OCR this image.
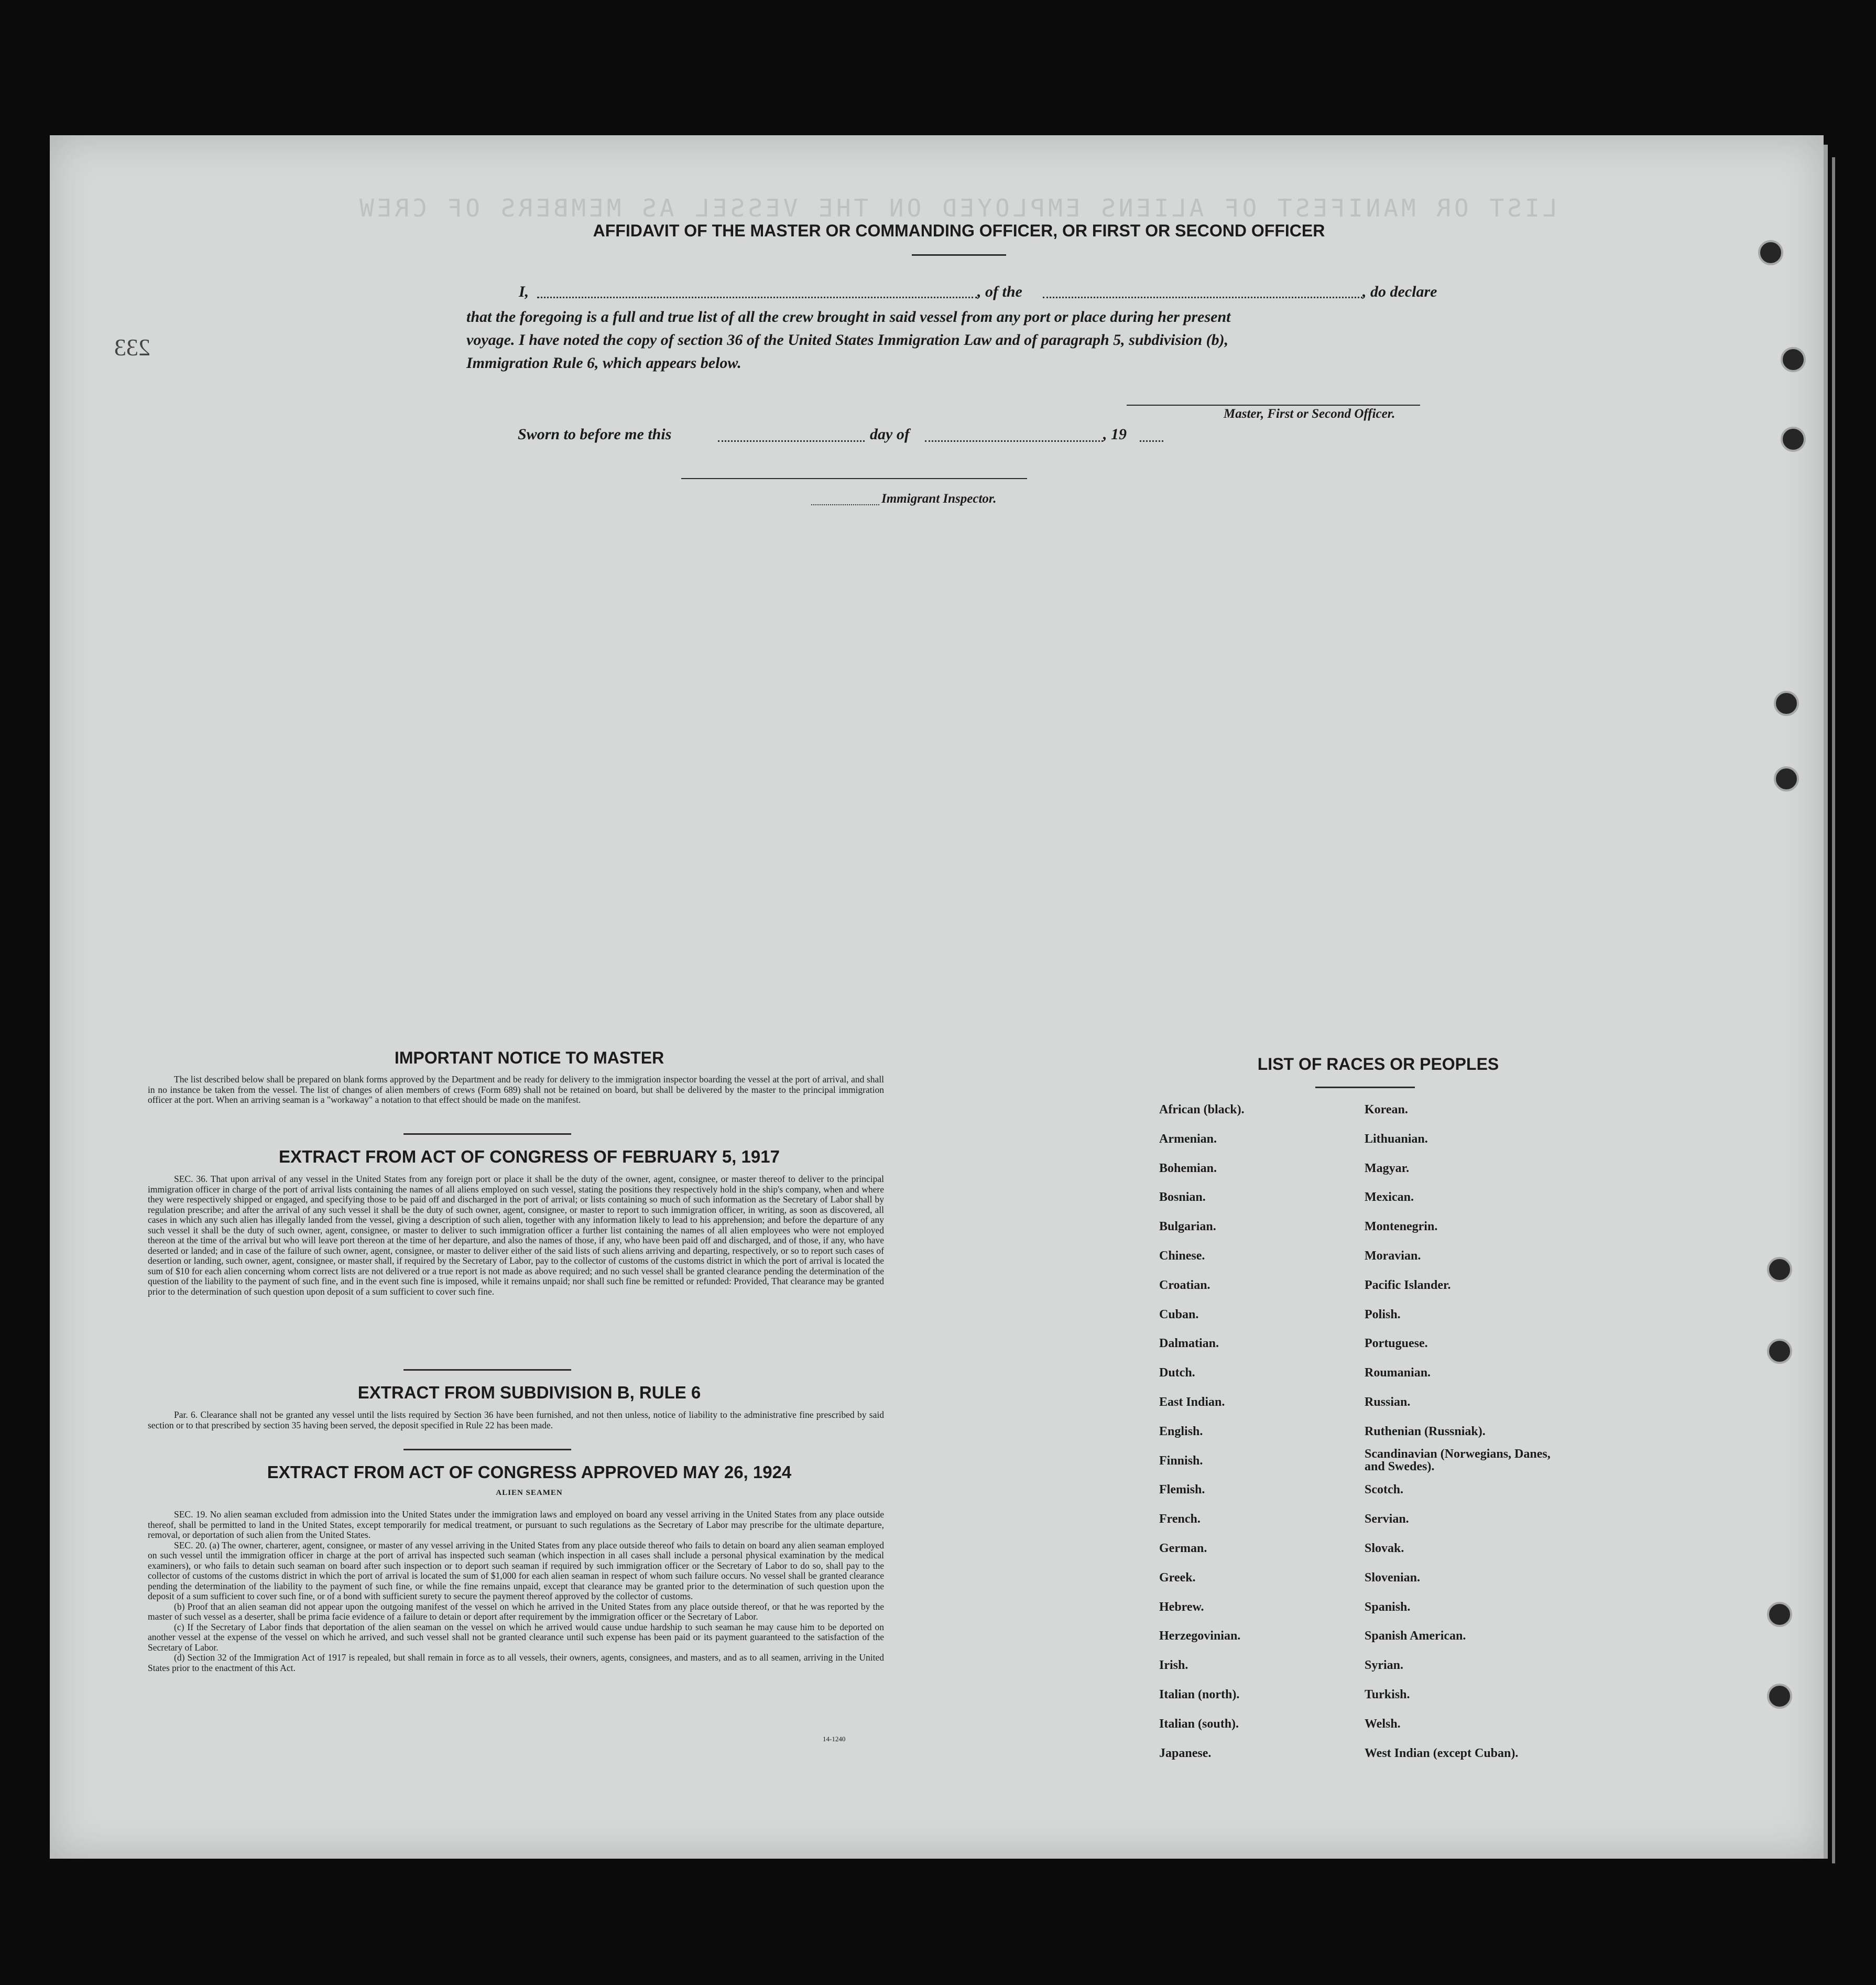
LIST OR MANIFEST OF ALIENS EMPLOYED ON THE VESSEL AS MEMBERS OF CREW
233
AFFIDAVIT OF THE MASTER OR COMMANDING OFFICER, OR FIRST OR SECOND OFFICER
I,	, of the	, do declare
that the foregoing is a full and true list of all the crew brought in said vessel from any port or place during her present
voyage. I have noted the copy of section 36 of the United States Immigration Law and of paragraph 5, subdivision (b),
Immigration Rule 6, which appears below.
Master, First or Second Officer.
Sworn to before me this	day of	, 19
Immigrant Inspector.
IMPORTANT NOTICE TO MASTER

The list described below shall be prepared on blank forms approved by the Department and be ready for delivery to the immigration inspector boarding the vessel at the port of arrival, and shall in no instance be taken from the vessel. The list of changes of alien members of crews (Form 689) shall not be retained on board, but shall be delivered by the master to the principal immigration officer at the port. When an arriving seaman is a "workaway" a notation to that effect should be made on the manifest.

EXTRACT FROM ACT OF CONGRESS OF FEBRUARY 5, 1917

SEC. 36. That upon arrival of any vessel in the United States from any foreign port or place it shall be the duty of the owner, agent, consignee, or master thereof to deliver to the principal immigration officer in charge of the port of arrival lists containing the names of all aliens employed on such vessel, stating the positions they respectively hold in the ship's company, when and where they were respectively shipped or engaged, and specifying those to be paid off and discharged in the port of arrival; or lists containing so much of such information as the Secretary of Labor shall by regulation prescribe; and after the arrival of any such vessel it shall be the duty of such owner, agent, consignee, or master to report to such immigration officer, in writing, as soon as discovered, all cases in which any such alien has illegally landed from the vessel, giving a description of such alien, together with any information likely to lead to his apprehension; and before the departure of any such vessel it shall be the duty of such owner, agent, consignee, or master to deliver to such immigration officer a further list containing the names of all alien employees who were not employed thereon at the time of the arrival but who will leave port thereon at the time of her departure, and also the names of those, if any, who have been paid off and discharged, and of those, if any, who have deserted or landed; and in case of the failure of such owner, agent, consignee, or master to deliver either of the said lists of such aliens arriving and departing, respectively, or so to report such cases of desertion or landing, such owner, agent, consignee, or master shall, if required by the Secretary of Labor, pay to the collector of customs of the customs district in which the port of arrival is located the sum of $10 for each alien concerning whom correct lists are not delivered or a true report is not made as above required; and no such vessel shall be granted clearance pending the determination of the question of the liability to the payment of such fine, and in the event such fine is imposed, while it remains unpaid; nor shall such fine be remitted or refunded: Provided, That clearance may be granted prior to the determination of such question upon deposit of a sum sufficient to cover such fine.

EXTRACT FROM SUBDIVISION B, RULE 6

Par. 6. Clearance shall not be granted any vessel until the lists required by Section 36 have been furnished, and not then unless, notice of liability to the administrative fine prescribed by said section or to that prescribed by section 35 having been served, the deposit specified in Rule 22 has been made.

EXTRACT FROM ACT OF CONGRESS APPROVED MAY 26, 1924
ALIEN SEAMEN

SEC. 19. No alien seaman excluded from admission into the United States under the immigration laws and employed on board any vessel arriving in the United States from any place outside thereof, shall be permitted to land in the United States, except temporarily for medical treatment, or pursuant to such regulations as the Secretary of Labor may prescribe for the ultimate departure, removal, or deportation of such alien from the United States.

SEC. 20. (a) The owner, charterer, agent, consignee, or master of any vessel arriving in the United States from any place outside thereof who fails to detain on board any alien seaman employed on such vessel until the immigration officer in charge at the port of arrival has inspected such seaman (which inspection in all cases shall include a personal physical examination by the medical examiners), or who fails to detain such seaman on board after such inspection or to deport such seaman if required by such immigration officer or the Secretary of Labor to do so, shall pay to the collector of customs of the customs district in which the port of arrival is located the sum of $1,000 for each alien seaman in respect of whom such failure occurs. No vessel shall be granted clearance pending the determination of the liability to the payment of such fine, or while the fine remains unpaid, except that clearance may be granted prior to the determination of such question upon the deposit of a sum sufficient to cover such fine, or of a bond with sufficient surety to secure the payment thereof approved by the collector of customs.

(b) Proof that an alien seaman did not appear upon the outgoing manifest of the vessel on which he arrived in the United States from any place outside thereof, or that he was reported by the master of such vessel as a deserter, shall be prima facie evidence of a failure to detain or deport after requirement by the immigration officer or the Secretary of Labor.

(c) If the Secretary of Labor finds that deportation of the alien seaman on the vessel on which he arrived would cause undue hardship to such seaman he may cause him to be deported on another vessel at the expense of the vessel on which he arrived, and such vessel shall not be granted clearance until such expense has been paid or its payment guaranteed to the satisfaction of the Secretary of Labor.

(d) Section 32 of the Immigration Act of 1917 is repealed, but shall remain in force as to all vessels, their owners, agents, consignees, and masters, and as to all seamen, arriving in the United States prior to the enactment of this Act.

14-1240
LIST OF RACES OR PEOPLES
African (black).
Armenian.
Bohemian.
Bosnian.
Bulgarian.
Chinese.
Croatian.
Cuban.
Dalmatian.
Dutch.
East Indian.
English.
Finnish.
Flemish.
French.
German.
Greek.
Hebrew.
Herzegovinian.
Irish.
Italian (north).
Italian (south).
Japanese.
Korean.
Lithuanian.
Magyar.
Mexican.
Montenegrin.
Moravian.
Pacific Islander.
Polish.
Portuguese.
Roumanian.
Russian.
Ruthenian (Russniak).
Scandinavian (Norwegians, Danes, and Swedes).
Scotch.
Servian.
Slovak.
Slovenian.
Spanish.
Spanish American.
Syrian.
Turkish.
Welsh.
West Indian (except Cuban).
